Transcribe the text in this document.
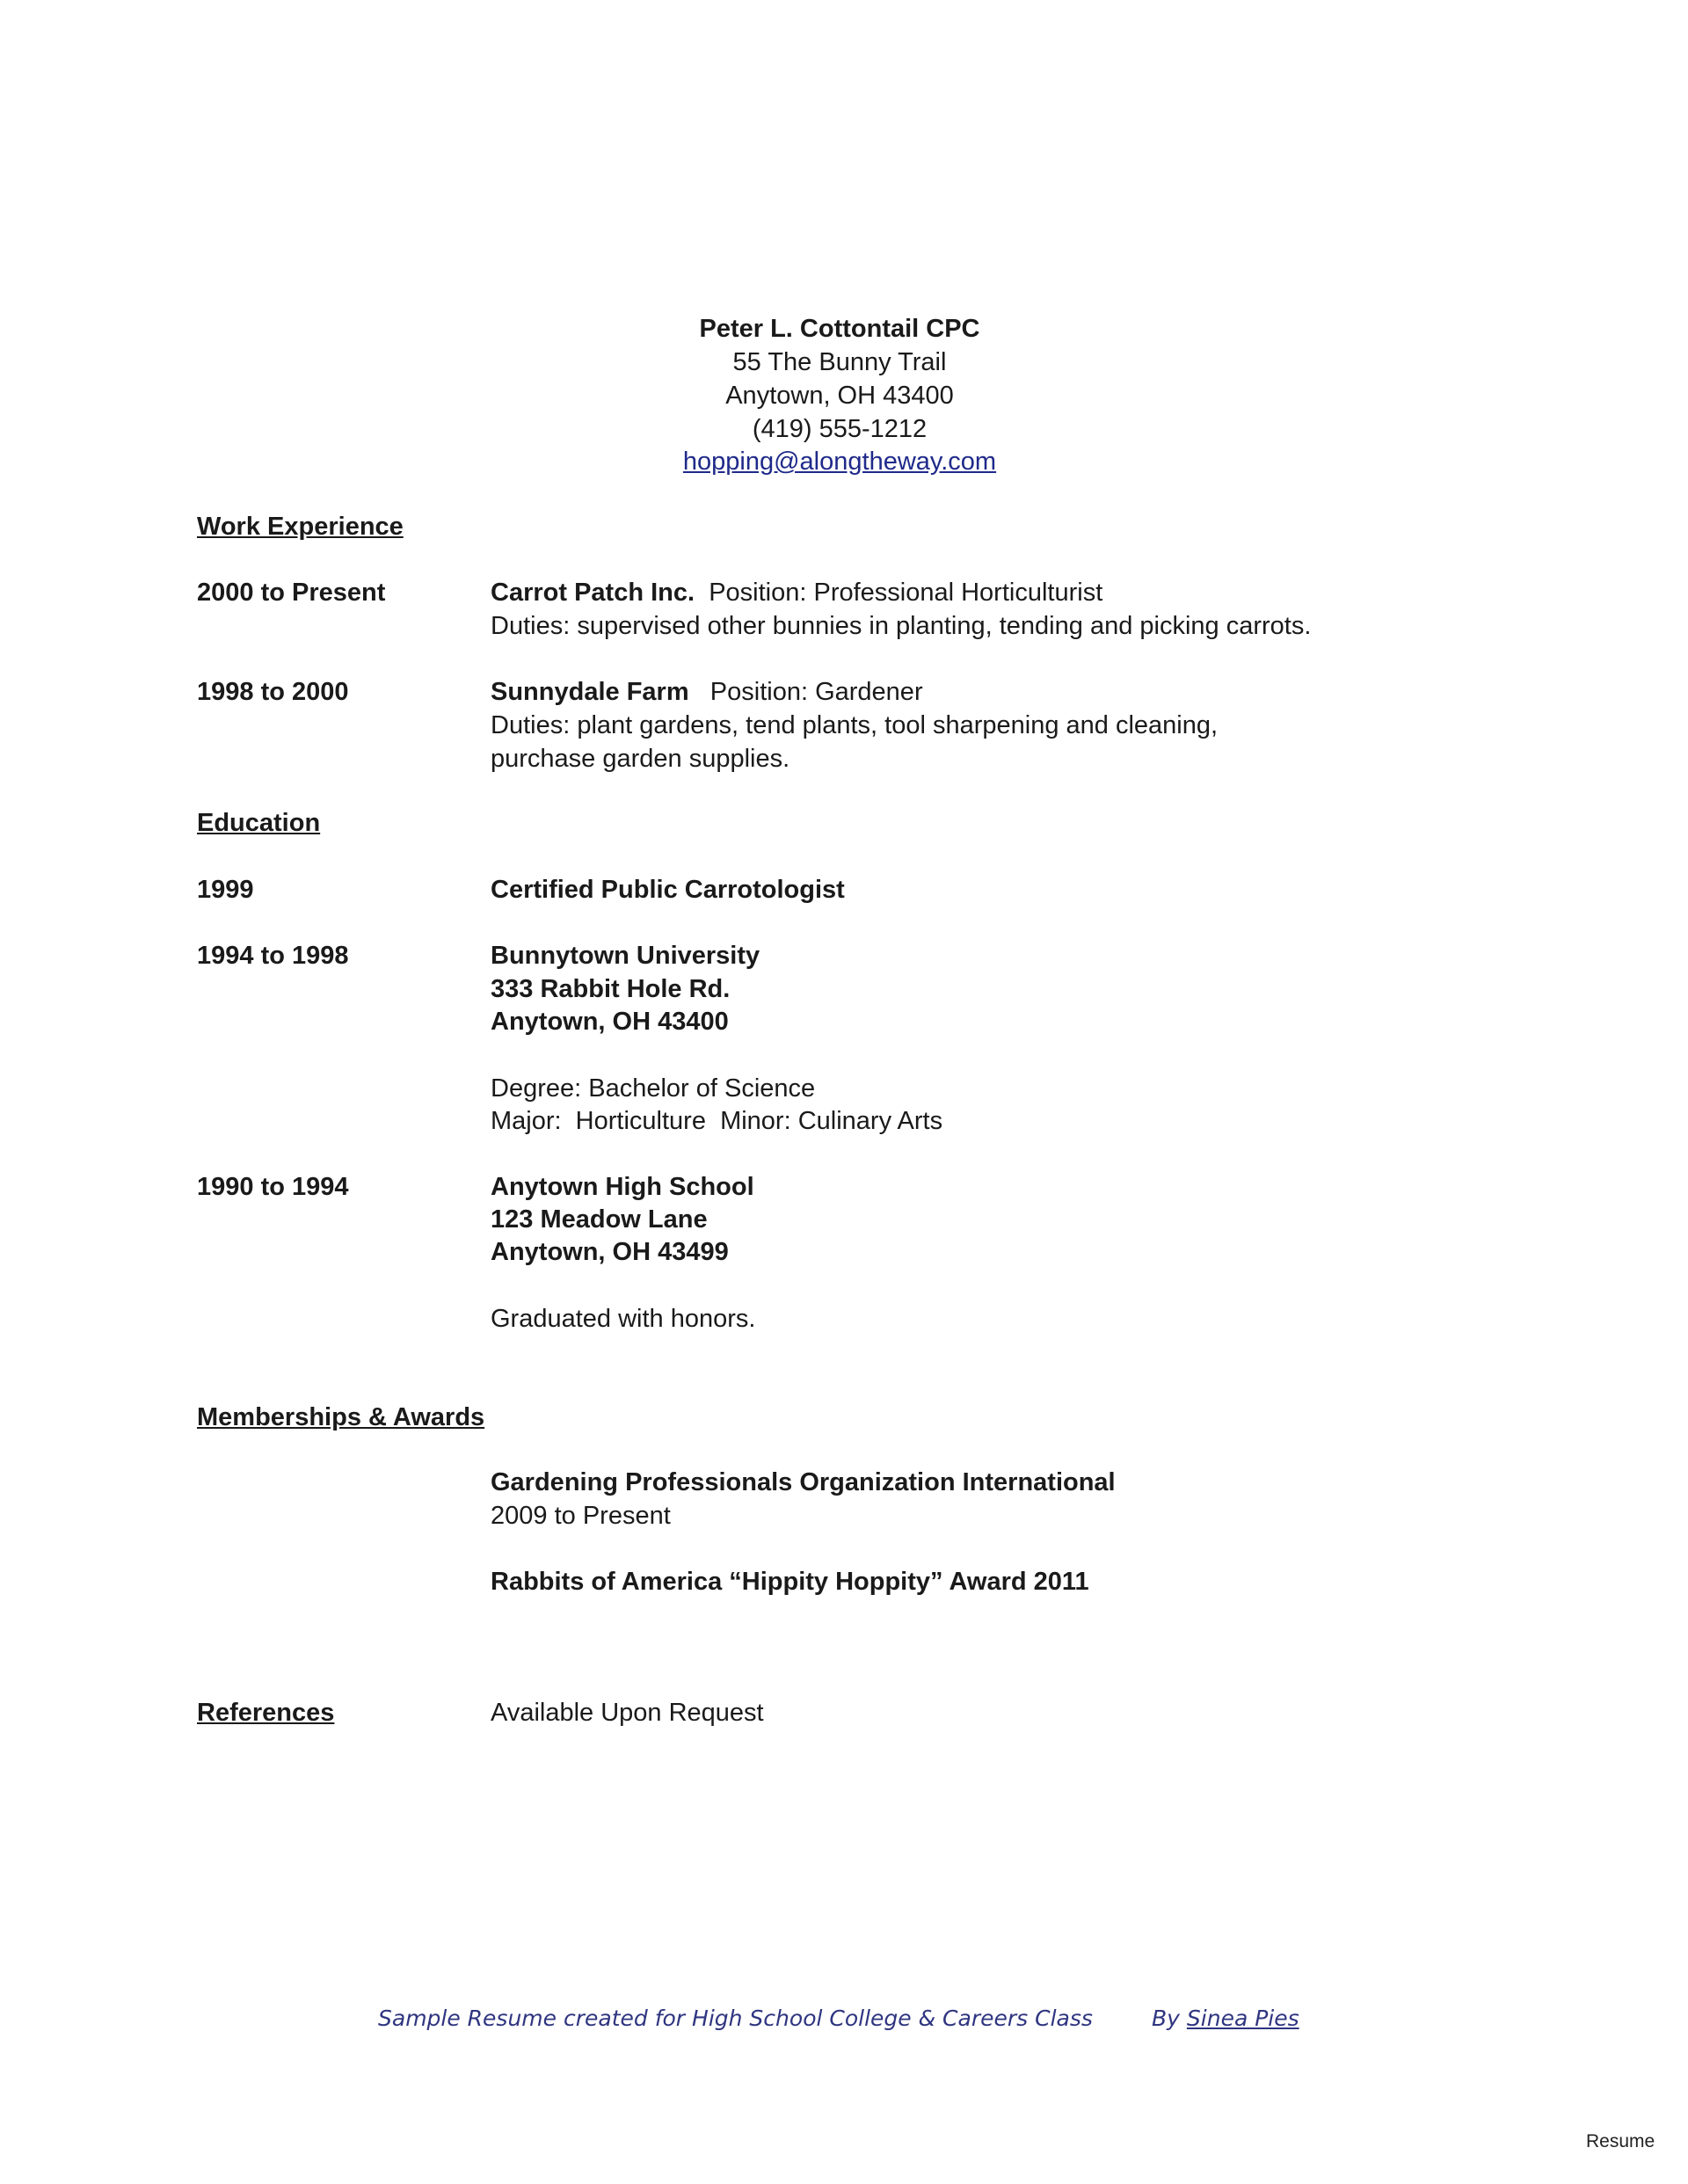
Peter L. Cottontail CPC
55 The Bunny Trail
Anytown, OH 43400
(419) 555-1212
hopping@alongtheway.com
Work Experience
2000 to Present	Carrot Patch Inc. Position: Professional Horticulturist
Duties: supervised other bunnies in planting, tending and picking carrots.
1998 to 2000	Sunnydale Farm Position: Gardener
Duties: plant gardens, tend plants, tool sharpening and cleaning,
purchase garden supplies.
Education
1999	Certified Public Carrotologist
1994 to 1998	Bunnytown University
333 Rabbit Hole Rd.
Anytown, OH 43400
Degree: Bachelor of Science
Major:  Horticulture  Minor: Culinary Arts
1990 to 1994	Anytown High School
123 Meadow Lane
Anytown, OH 43499
Graduated with honors.
Memberships & Awards
Gardening Professionals Organization International
2009 to Present
Rabbits of America “Hippity Hoppity” Award 2011
References	Available Upon Request
Sample Resume created for High School College & Careers Class	By Sinea Pies
Resume
